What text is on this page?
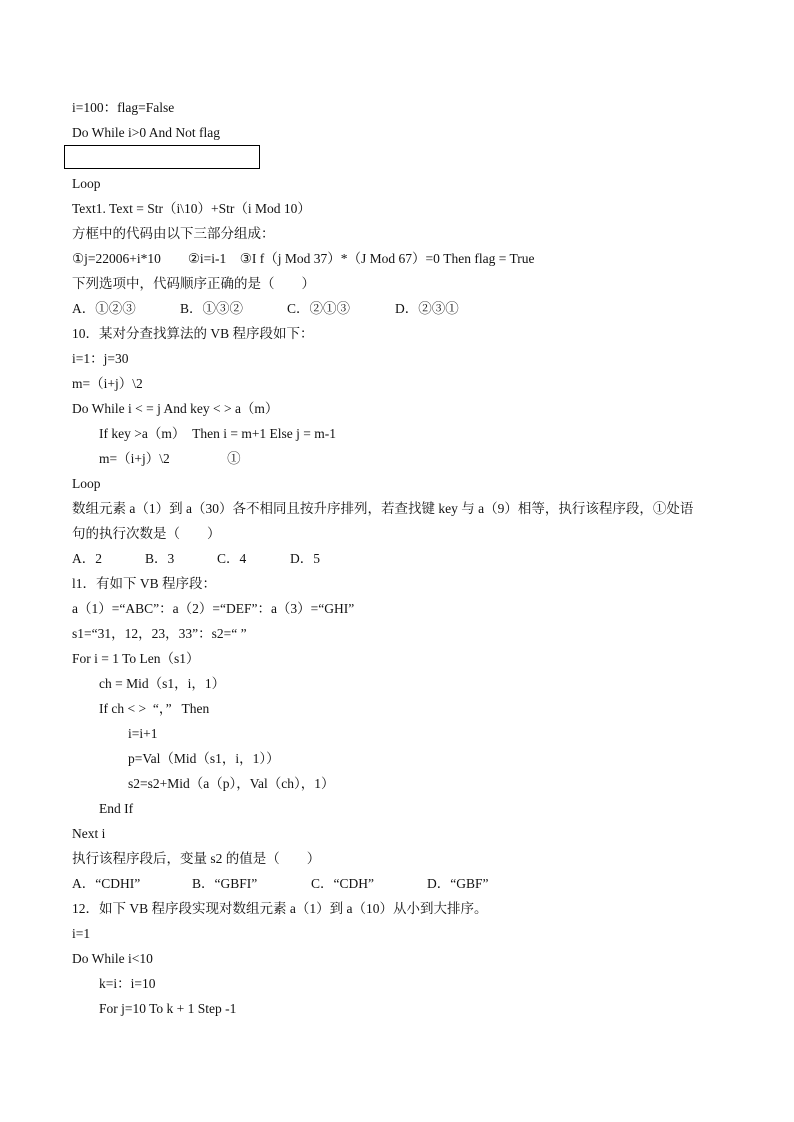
i=100：flag=False
Do While i>0 And Not flag
Loop
Text1. Text = Str（i\10）+Str（i Mod 10）
方框中的代码由以下三部分组成：
①j=22006+i*10        ②i=i-1    ③I f（j Mod 37）*（J Mod 67）=0 Then flag = True
下列选项中，代码顺序正确的是（        ）
A．①②③	B．①③②	C．②①③	D．②③①
10．某对分查找算法的 VB 程序段如下：
i=1：j=30
m=（i+j）\2
Do While i < = j And key < > a（m）
If key >a（m）  Then i = m+1 Else j = m-1
m=（i+j）\2                 ①
Loop
数组元素 a（1）到 a（30）各不相同且按升序排列，若查找键 key 与 a（9）相等，执行该程序段，①处语
句的执行次数是（        ）
A．2	B．3	C．4	D．5
l1．有如下 VB 程序段：
a（1）=“ABC”：a（2）=“DEF”：a（3）=“GHI”
s1=“31，12，23，33”：s2=“ ”
For i = 1 To Len（s1）
ch = Mid（s1，i，1）
If ch < >  “，”   Then
i=i+1
p=Val（Mid（s1，i，1））
s2=s2+Mid（a（p），Val（ch），1）
End If
Next i
执行该程序段后，变量 s2 的值是（        ）
A．“CDHI”	B．“GBFI”	C．“CDH”	D．“GBF”
12．如下 VB 程序段实现对数组元素 a（1）到 a（10）从小到大排序。
i=1
Do While i<10
k=i：i=10
For j=10 To k + 1 Step -1
